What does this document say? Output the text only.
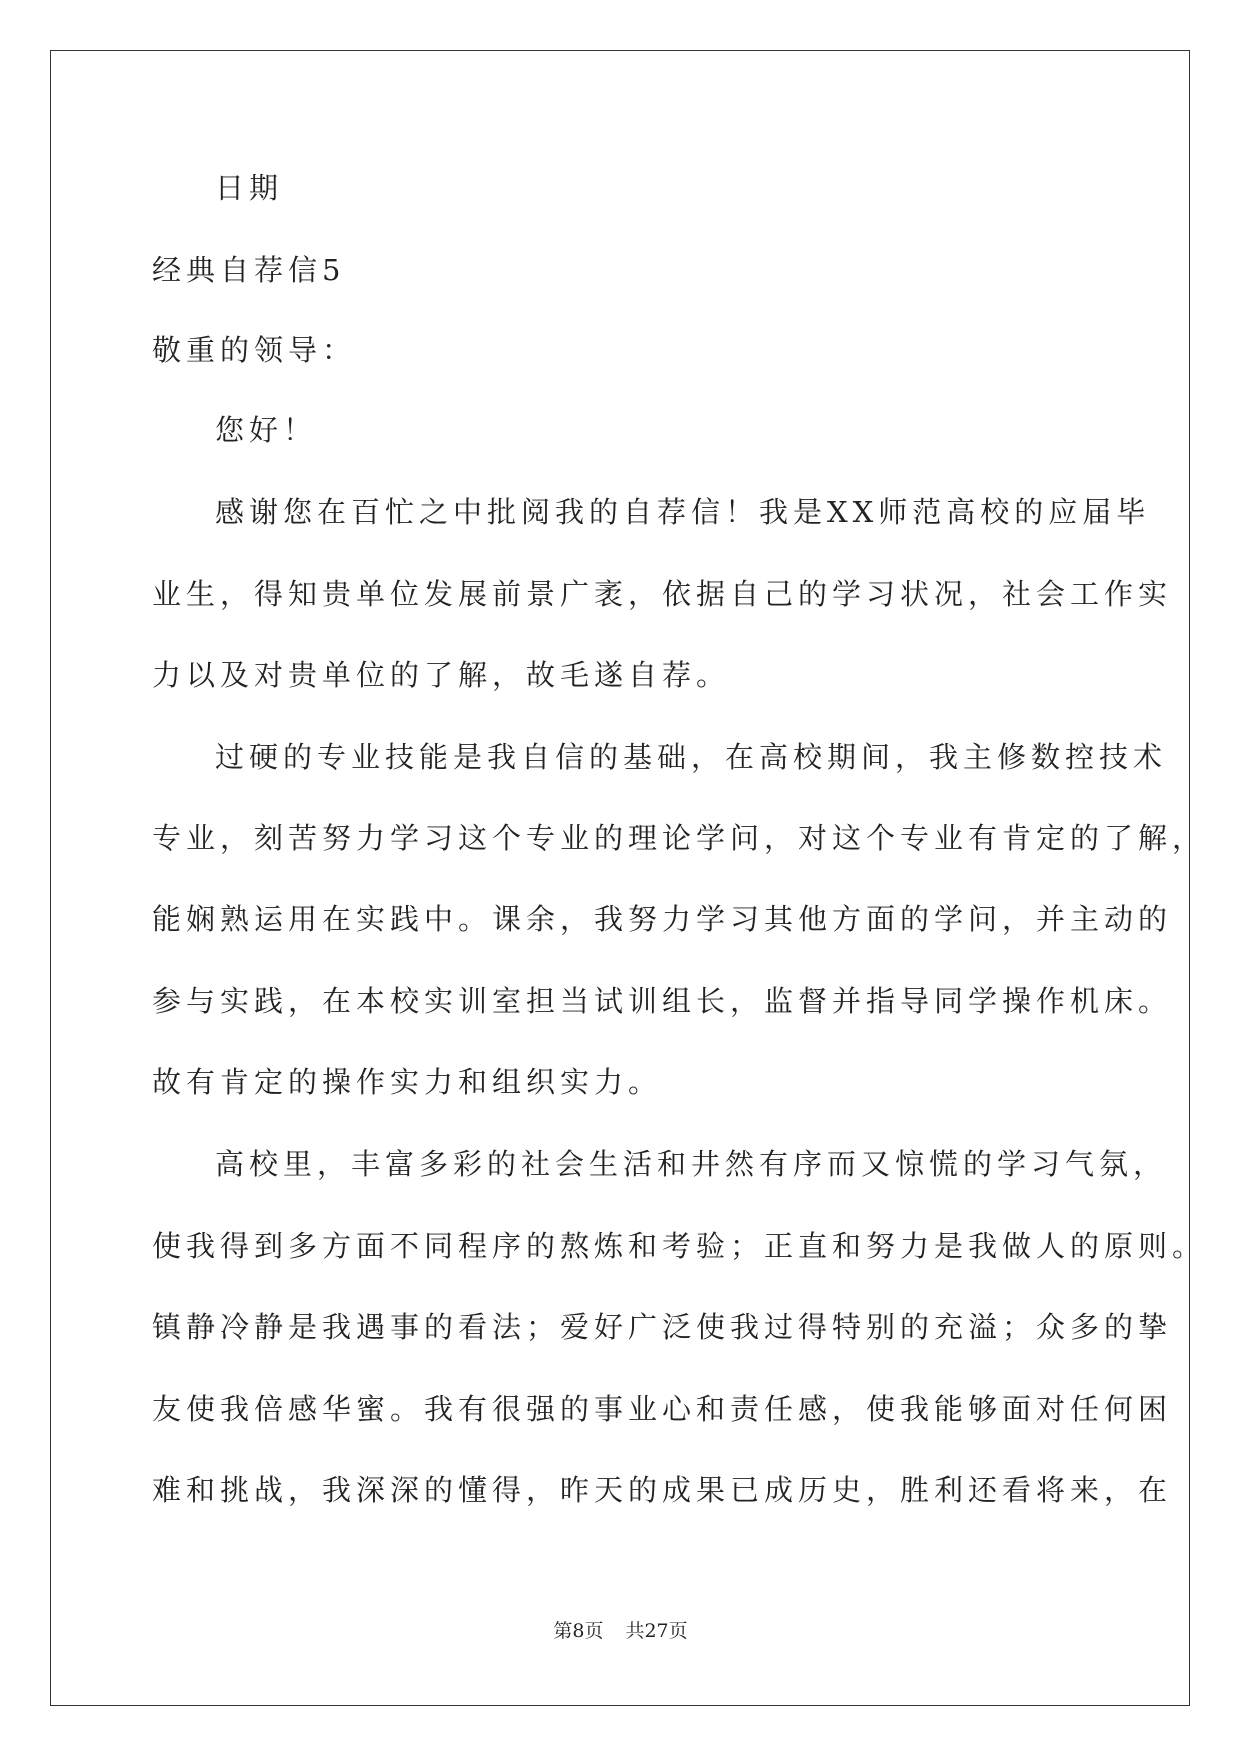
日期
经典自荐信5
敬重的领导：
您好！
感谢您在百忙之中批阅我的自荐信！我是XX师范高校的应届毕
业生，得知贵单位发展前景广袤，依据自己的学习状况，社会工作实
力以及对贵单位的了解，故毛遂自荐。
过硬的专业技能是我自信的基础，在高校期间，我主修数控技术
专业，刻苦努力学习这个专业的理论学问，对这个专业有肯定的了解，
能娴熟运用在实践中。课余，我努力学习其他方面的学问，并主动的
参与实践，在本校实训室担当试训组长，监督并指导同学操作机床。
故有肯定的操作实力和组织实力。
高校里，丰富多彩的社会生活和井然有序而又惊慌的学习气氛，
使我得到多方面不同程序的熬炼和考验；正直和努力是我做人的原则。
镇静冷静是我遇事的看法；爱好广泛使我过得特别的充溢；众多的挚
友使我倍感华蜜。我有很强的事业心和责任感，使我能够面对任何困
难和挑战，我深深的懂得，昨天的成果已成历史，胜利还看将来，在
第8页 共27页
